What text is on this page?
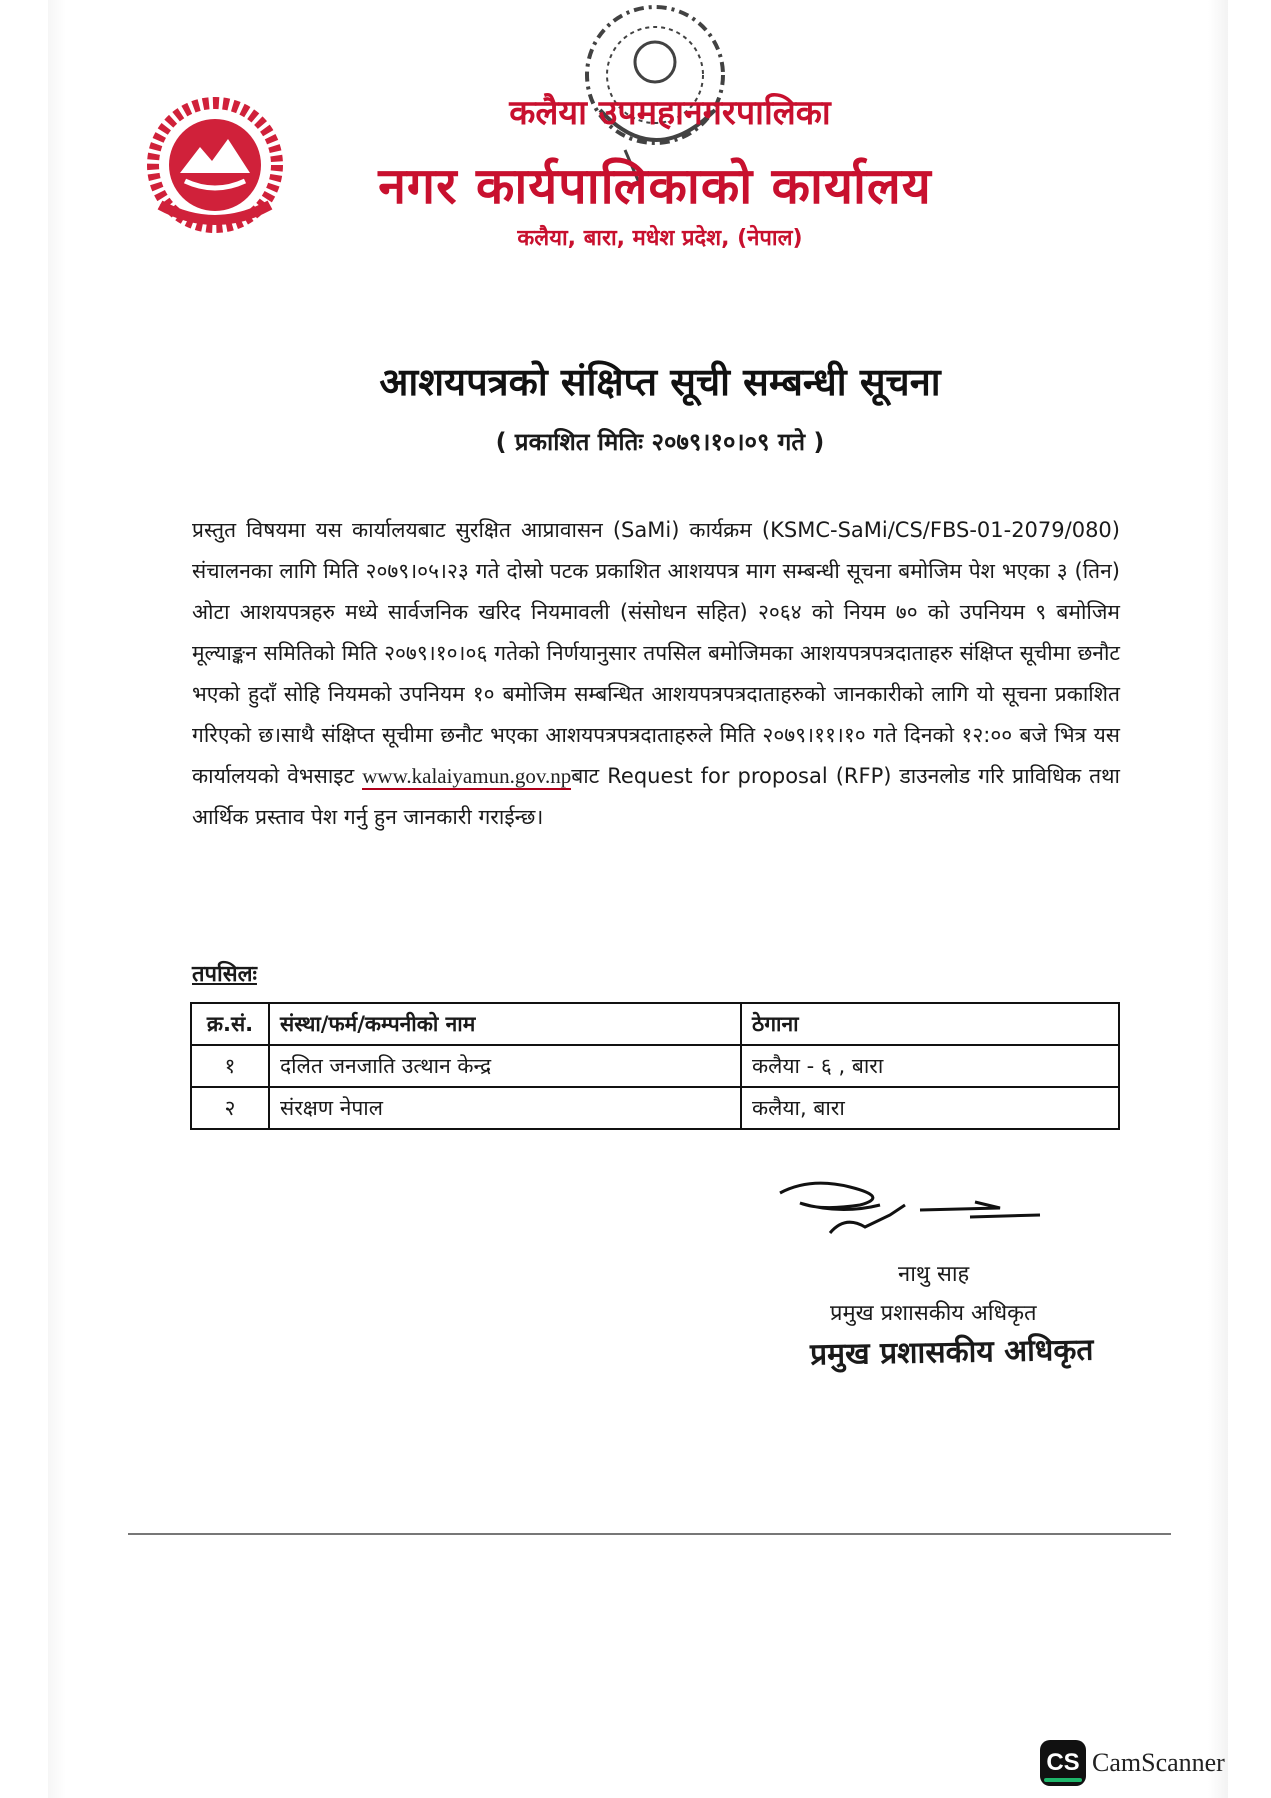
कलैया उपमहानगरपालिका
नगर कार्यपालिकाको कार्यालय
कलैया, बारा, मधेश प्रदेश, (नेपाल)
आशयपत्रको संक्षिप्त सूची सम्बन्धी सूचना
( प्रकाशित मितिः २०७९।१०।०९ गते )
प्रस्तुत विषयमा यस कार्यालयबाट सुरक्षित आप्रावासन (SaMi) कार्यक्रम (KSMC-SaMi/CS/FBS-01-2079/080) संचालनका लागि मिति २०७९।०५।२३ गते दोस्रो पटक प्रकाशित आशयपत्र माग सम्बन्धी सूचना बमोजिम पेश भएका ३ (तिन) ओटा आशयपत्रहरु मध्ये सार्वजनिक खरिद नियमावली (संसोधन सहित) २०६४ को नियम ७० को उपनियम ९ बमोजिम मूल्याङ्कन समितिको मिति २०७९।१०।०६ गतेको निर्णयानुसार तपसिल बमोजिमका आशयपत्रपत्रदाताहरु संक्षिप्त सूचीमा छनौट भएको हुदाँ सोहि नियमको उपनियम १० बमोजिम सम्बन्धित आशयपत्रपत्रदाताहरुको जानकारीको लागि यो सूचना प्रकाशित गरिएको छ।साथै संक्षिप्त सूचीमा छनौट भएका आशयपत्रपत्रदाताहरुले मिति २०७९।११।१० गते दिनको १२:०० बजे भित्र यस कार्यालयको वेभसाइट www.kalaiyamun.gov.npबाट Request for proposal (RFP) डाउनलोड गरि प्राविधिक तथा आर्थिक प्रस्ताव पेश गर्नु हुन जानकारी गराईन्छ।
तपसिलः
क्र.सं.	संस्था/फर्म/कम्पनीको नाम	ठेगाना
१	दलित जनजाति उत्थान केन्द्र	कलैया - ६ , बारा
२	संरक्षण नेपाल	कलैया, बारा
नाथु साह
प्रमुख प्रशासकीय अधिकृत
प्रमुख प्रशासकीय अधिकृत
CS CamScanner
